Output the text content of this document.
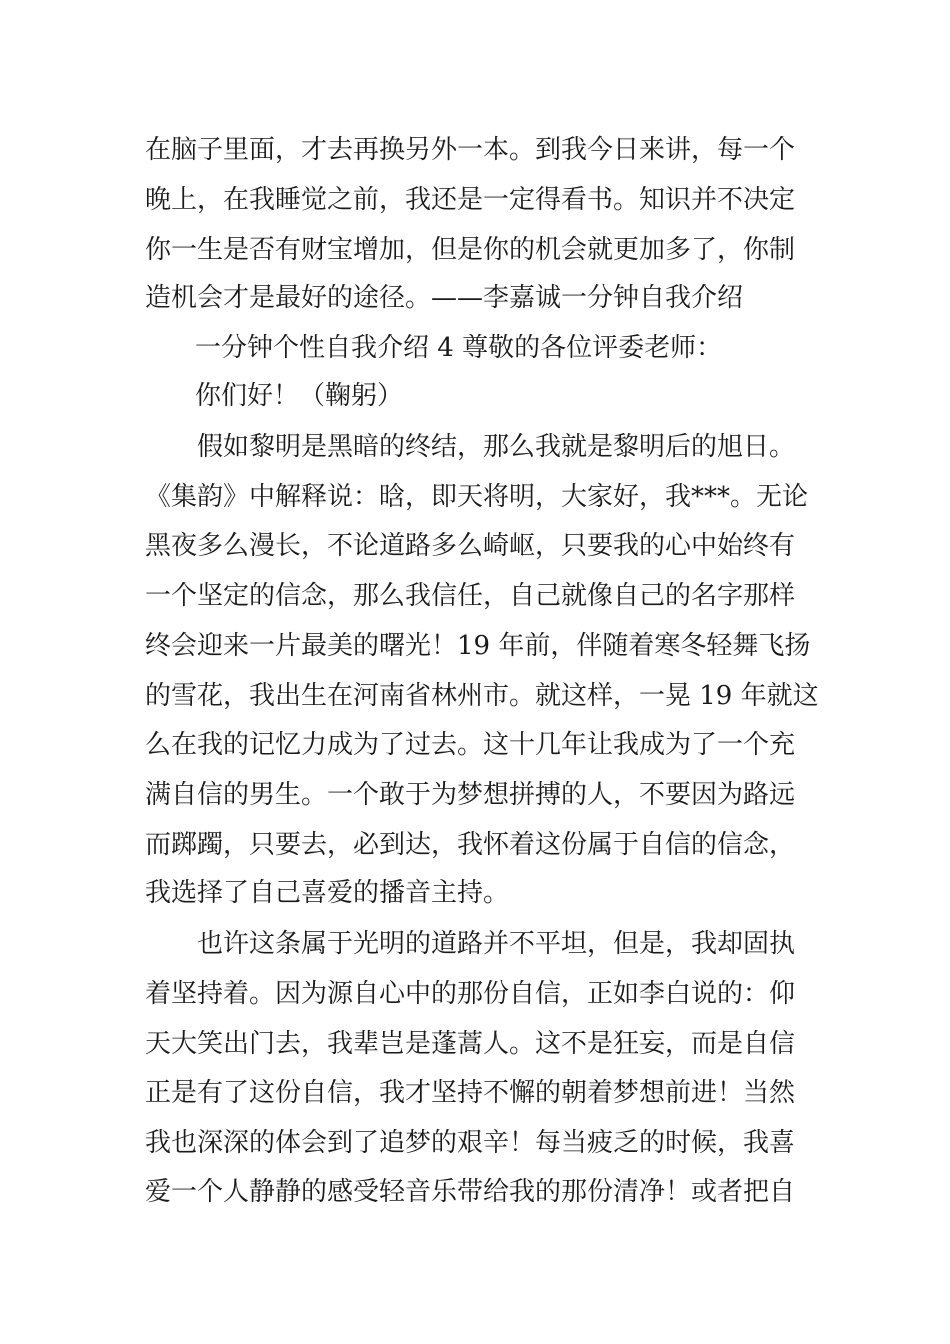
在脑子里面，才去再换另外一本。到我今日来讲，每一个
晚上，在我睡觉之前，我还是一定得看书。知识并不决定
你一生是否有财宝增加，但是你的机会就更加多了，你制
造机会才是最好的途径。——李嘉诚一分钟自我介绍
一分钟个性自我介绍 4 尊敬的各位评委老师：
你们好！（鞠躬）
假如黎明是黑暗的终结，那么我就是黎明后的旭日。
《集韵》中解释说：晗，即天将明，大家好，我***。无论
黑夜多么漫长，不论道路多么崎岖，只要我的心中始终有
一个坚定的信念，那么我信任，自己就像自己的名字那样
终会迎来一片最美的曙光！19 年前，伴随着寒冬轻舞飞扬
的雪花，我出生在河南省林州市。就这样，一晃 19 年就这
么在我的记忆力成为了过去。这十几年让我成为了一个充
满自信的男生。一个敢于为梦想拼搏的人，不要因为路远
而踯躅，只要去，必到达，我怀着这份属于自信的信念，
我选择了自己喜爱的播音主持。
也许这条属于光明的道路并不平坦，但是，我却固执
着坚持着。因为源自心中的那份自信，正如李白说的：仰
天大笑出门去，我辈岂是蓬蒿人。这不是狂妄，而是自信
正是有了这份自信，我才坚持不懈的朝着梦想前进！当然
我也深深的体会到了追梦的艰辛！每当疲乏的时候，我喜
爱一个人静静的感受轻音乐带给我的那份清净！或者把自
